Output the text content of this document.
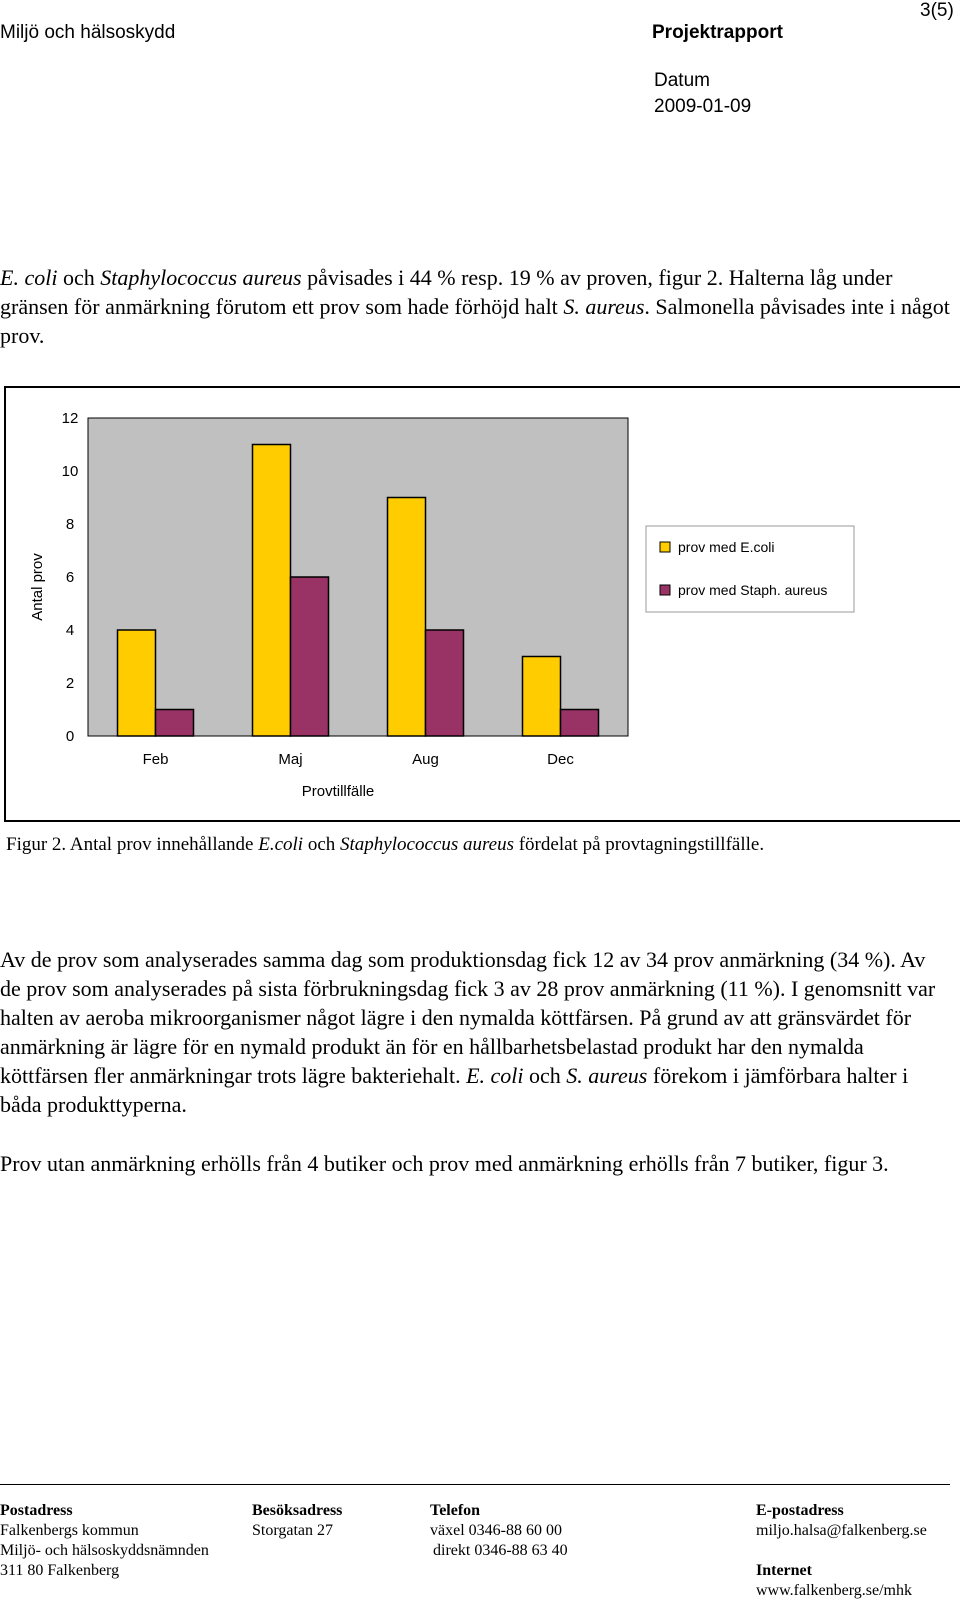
Miljö och hälsoskydd	Projektrapport
3(5)
Datum
2009-01-09

E. coli och Staphylococcus aureus påvisades i 44 % resp. 19 % av proven, figur 2. Halterna låg under gränsen för anmärkning förutom ett prov som hade förhöjd halt S. aureus. Salmonella påvisades inte i något prov.

0
2
4
6
8
10
12
Feb	Maj	Aug	Dec
Antal prov
Provtillfälle
prov med E.coli
prov med Staph. aureus
Figur 2. Antal prov innehållande E.coli och Staphylococcus aureus fördelat på provtagningstillfälle.

Av de prov som analyserades samma dag som produktionsdag fick 12 av 34 prov anmärkning (34 %). Av de prov som analyserades på sista förbrukningsdag fick 3 av 28 prov anmärkning (11 %). I genomsnitt var halten av aeroba mikroorganismer något lägre i den nymalda köttfärsen. På grund av att gränsvärdet för anmärkning är lägre för en nymald produkt än för en hållbarhetsbelastad produkt har den nymalda köttfärsen fler anmärkningar trots lägre bakteriehalt. E. coli och S. aureus förekom i jämförbara halter i båda produkttyperna.

Prov utan anmärkning erhölls från 4 butiker och prov med anmärkning erhölls från 7 butiker, figur 3.

Postadress
Falkenbergs kommun
Miljö- och hälsoskyddsnämnden
311 80 Falkenberg
Besöksadress
Storgatan 27
Telefon
växel 0346-88 60 00
direkt 0346-88 63 40
E-postadress
miljo.halsa@falkenberg.se
Internet
www.falkenberg.se/mhk
